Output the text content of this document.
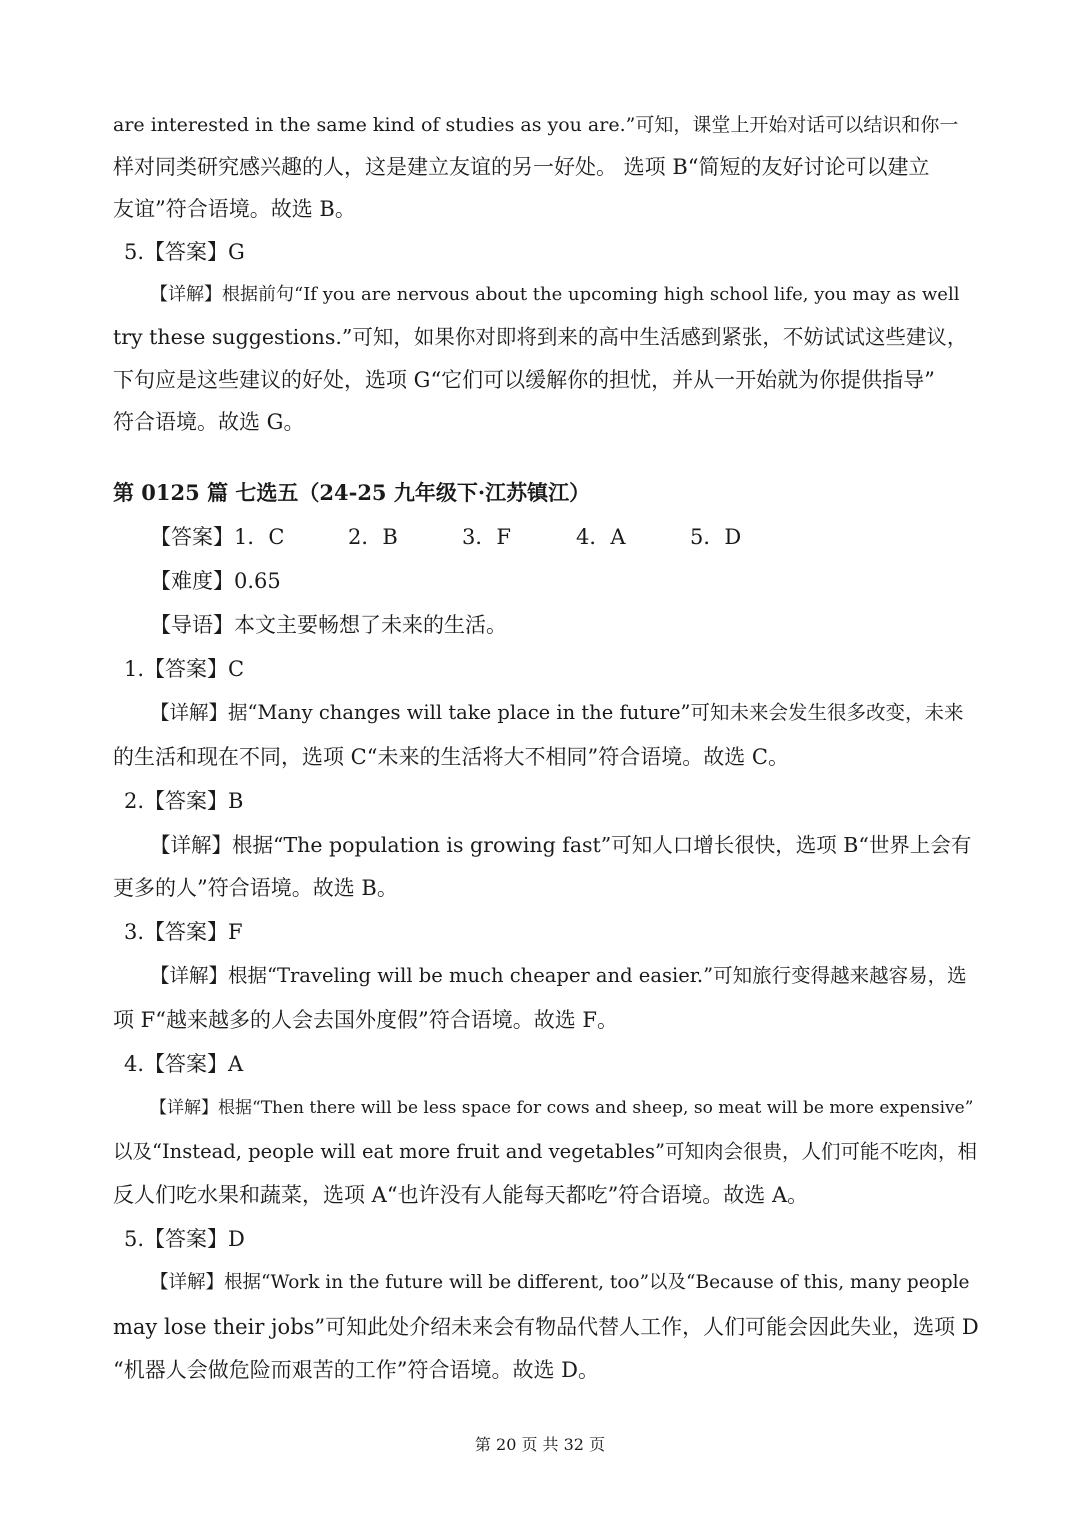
are interested in the same kind of studies as you are.”可知，课堂上开始对话可以结识和你一
样对同类研究感兴趣的人，这是建立友谊的另一好处。 选项 B“简短的友好讨论可以建立
友谊”符合语境。故选 B。
5.【答案】G
【详解】根据前句“If you are nervous about the upcoming high school life, you may as well
try these suggestions.”可知，如果你对即将到来的高中生活感到紧张，不妨试试这些建议，
下句应是这些建议的好处，选项 G“它们可以缓解你的担忧，并从一开始就为你提供指导”
符合语境。故选 G。
第 0125 篇 七选五（24-25 九年级下·江苏镇江）
【答案】 1．C	2．B	3．F	4．A	5．D
【难度】0.65
【导语】本文主要畅想了未来的生活。
1.【答案】C
【详解】据“Many changes will take place in the future”可知未来会发生很多改变，未来
的生活和现在不同，选项 C“未来的生活将大不相同”符合语境。故选 C。
2.【答案】B
【详解】根据“The population is growing fast”可知人口增长很快，选项 B“世界上会有
更多的人”符合语境。故选 B。
3.【答案】F
【详解】根据“Traveling will be much cheaper and easier.”可知旅行变得越来越容易，选
项 F“越来越多的人会去国外度假”符合语境。故选 F。
4.【答案】A
【详解】根据“Then there will be less space for cows and sheep, so meat will be more expensive”
以及“Instead, people will eat more fruit and vegetables”可知肉会很贵，人们可能不吃肉，相
反人们吃水果和蔬菜，选项 A“也许没有人能每天都吃”符合语境。故选 A。
5.【答案】D
【详解】根据“Work in the future will be different, too”以及“Because of this, many people
may lose their jobs”可知此处介绍未来会有物品代替人工作，人们可能会因此失业，选项 D
“机器人会做危险而艰苦的工作”符合语境。故选 D。
第 20 页 共 32 页
